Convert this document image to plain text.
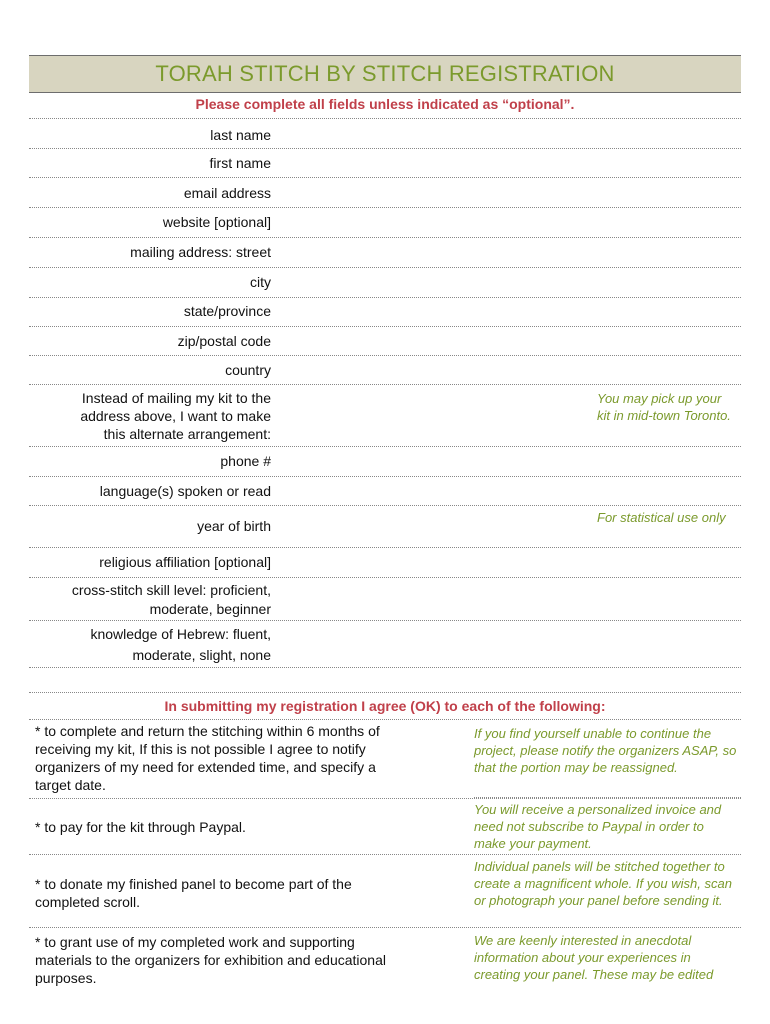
TORAH STITCH BY STITCH REGISTRATION
Please complete all fields unless indicated as “optional”.
last name
first name
email address
website [optional]
mailing address: street
city
state/province
zip/postal code
country
Instead of mailing my kit to the address above, I want to make this alternate arrangement:
You may pick up your kit in mid-town Toronto.
phone #
language(s) spoken or read
year of birth
For statistical use only
religious affiliation [optional]
cross-stitch skill level: proficient, moderate, beginner
knowledge of Hebrew: fluent, moderate, slight, none
In submitting my registration I agree (OK) to each of the following:
* to complete and return the stitching within 6 months of receiving my kit, If this is not possible I agree to notify organizers of my need for extended time, and specify a target date.
If you find yourself unable to continue the project, please notify the organizers ASAP, so that the portion may be reassigned.
* to pay for the kit through Paypal.
You will receive a personalized invoice and need not subscribe to Paypal in order to make your payment.
* to donate my finished panel to become part of the completed scroll.
Individual panels will be stitched together to create a magnificent whole. If you wish, scan or photograph your panel before sending it.
* to grant use of my completed work and supporting materials to the organizers for exhibition and educational purposes.
We are keenly interested in anecdotal information about your experiences in creating your panel. These may be edited
